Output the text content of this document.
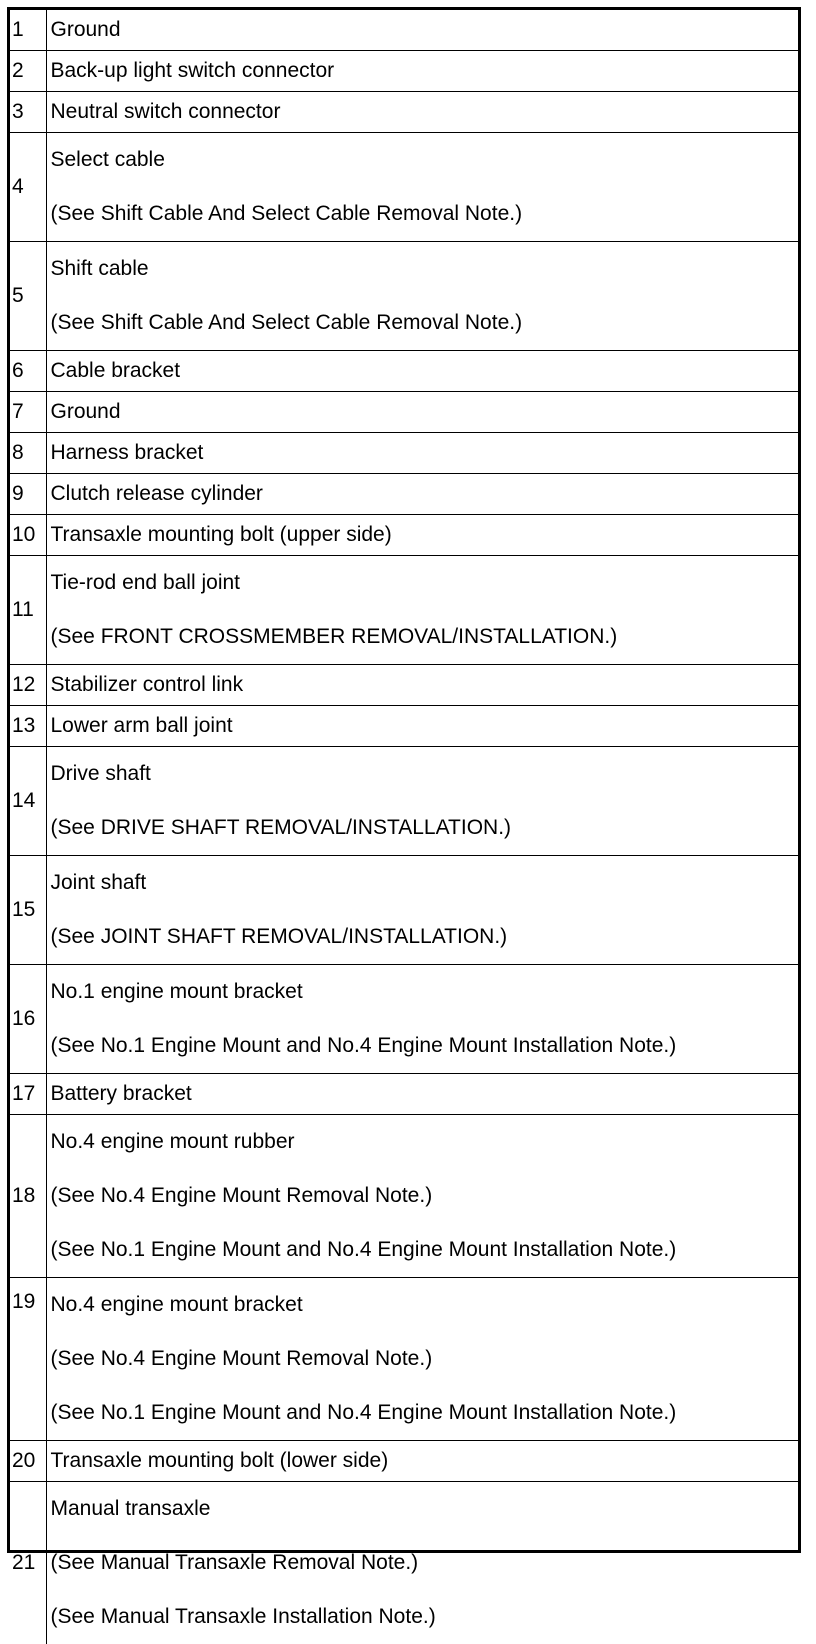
1	Ground

2	Back-up light switch connector

3	Neutral switch connector

4	Select cable
(See Shift Cable And Select Cable Removal Note.)

5	Shift cable
(See Shift Cable And Select Cable Removal Note.)

6	Cable bracket

7	Ground

8	Harness bracket

9	Clutch release cylinder

10	Transaxle mounting bolt (upper side)

11	Tie-rod end ball joint
(See FRONT CROSSMEMBER REMOVAL/INSTALLATION.)

12	Stabilizer control link

13	Lower arm ball joint

14	Drive shaft
(See DRIVE SHAFT REMOVAL/INSTALLATION.)

15	Joint shaft
(See JOINT SHAFT REMOVAL/INSTALLATION.)

16	No.1 engine mount bracket
(See No.1 Engine Mount and No.4 Engine Mount Installation Note.)

17	Battery bracket

18	No.4 engine mount rubber
(See No.4 Engine Mount Removal Note.)
(See No.1 Engine Mount and No.4 Engine Mount Installation Note.)

19	No.4 engine mount bracket
(See No.4 Engine Mount Removal Note.)
(See No.1 Engine Mount and No.4 Engine Mount Installation Note.)

20	Transaxle mounting bolt (lower side)

21	Manual transaxle
(See Manual Transaxle Removal Note.)
(See Manual Transaxle Installation Note.)
